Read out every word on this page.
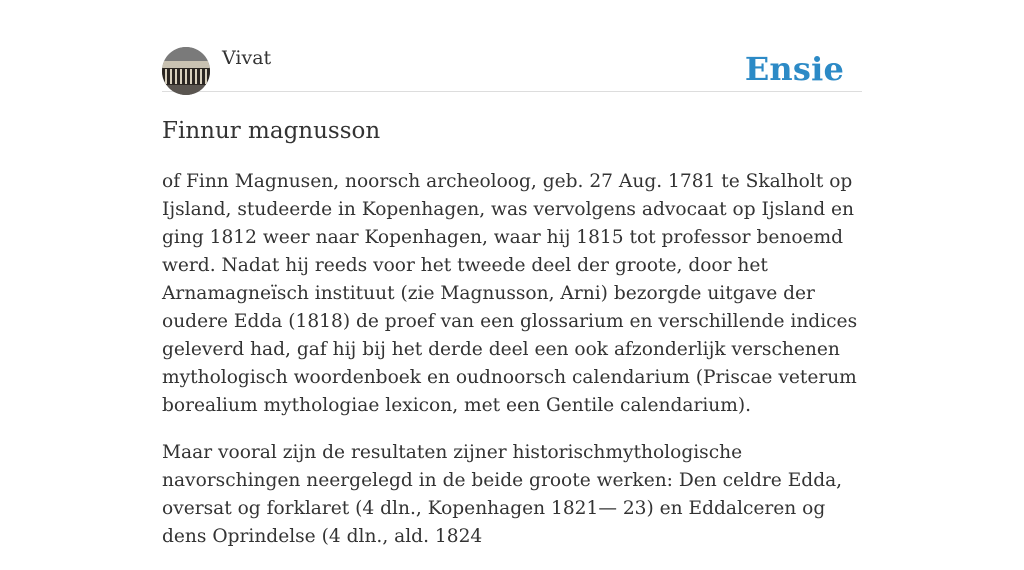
Vivat	Ensie
Finnur magnusson

of Finn Magnusen, noorsch archeoloog, geb. 27 Aug. 1781 te Skalholt op Ijsland, studeerde in Kopenhagen, was vervolgens advocaat op Ijsland en ging 1812 weer naar Kopenhagen, waar hij 1815 tot professor benoemd werd. Nadat hij reeds voor het tweede deel der groote, door het Arnamagneïsch instituut (zie Magnusson, Arni) bezorgde uitgave der oudere Edda (1818) de proef van een glossarium en verschillende indices geleverd had, gaf hij bij het derde deel een ook afzonderlijk verschenen mythologisch woordenboek en oudnoorsch calendarium (Priscae veterum borealium mythologiae lexicon, met een Gentile calendarium).

Maar vooral zijn de resultaten zijner historischmythologische navorschingen neergelegd in de beide groote werken: Den celdre Edda, oversat og forklaret (4 dln., Kopenhagen 1821— 23) en Eddalceren og dens Oprindelse (4 dln., ald. 1824
